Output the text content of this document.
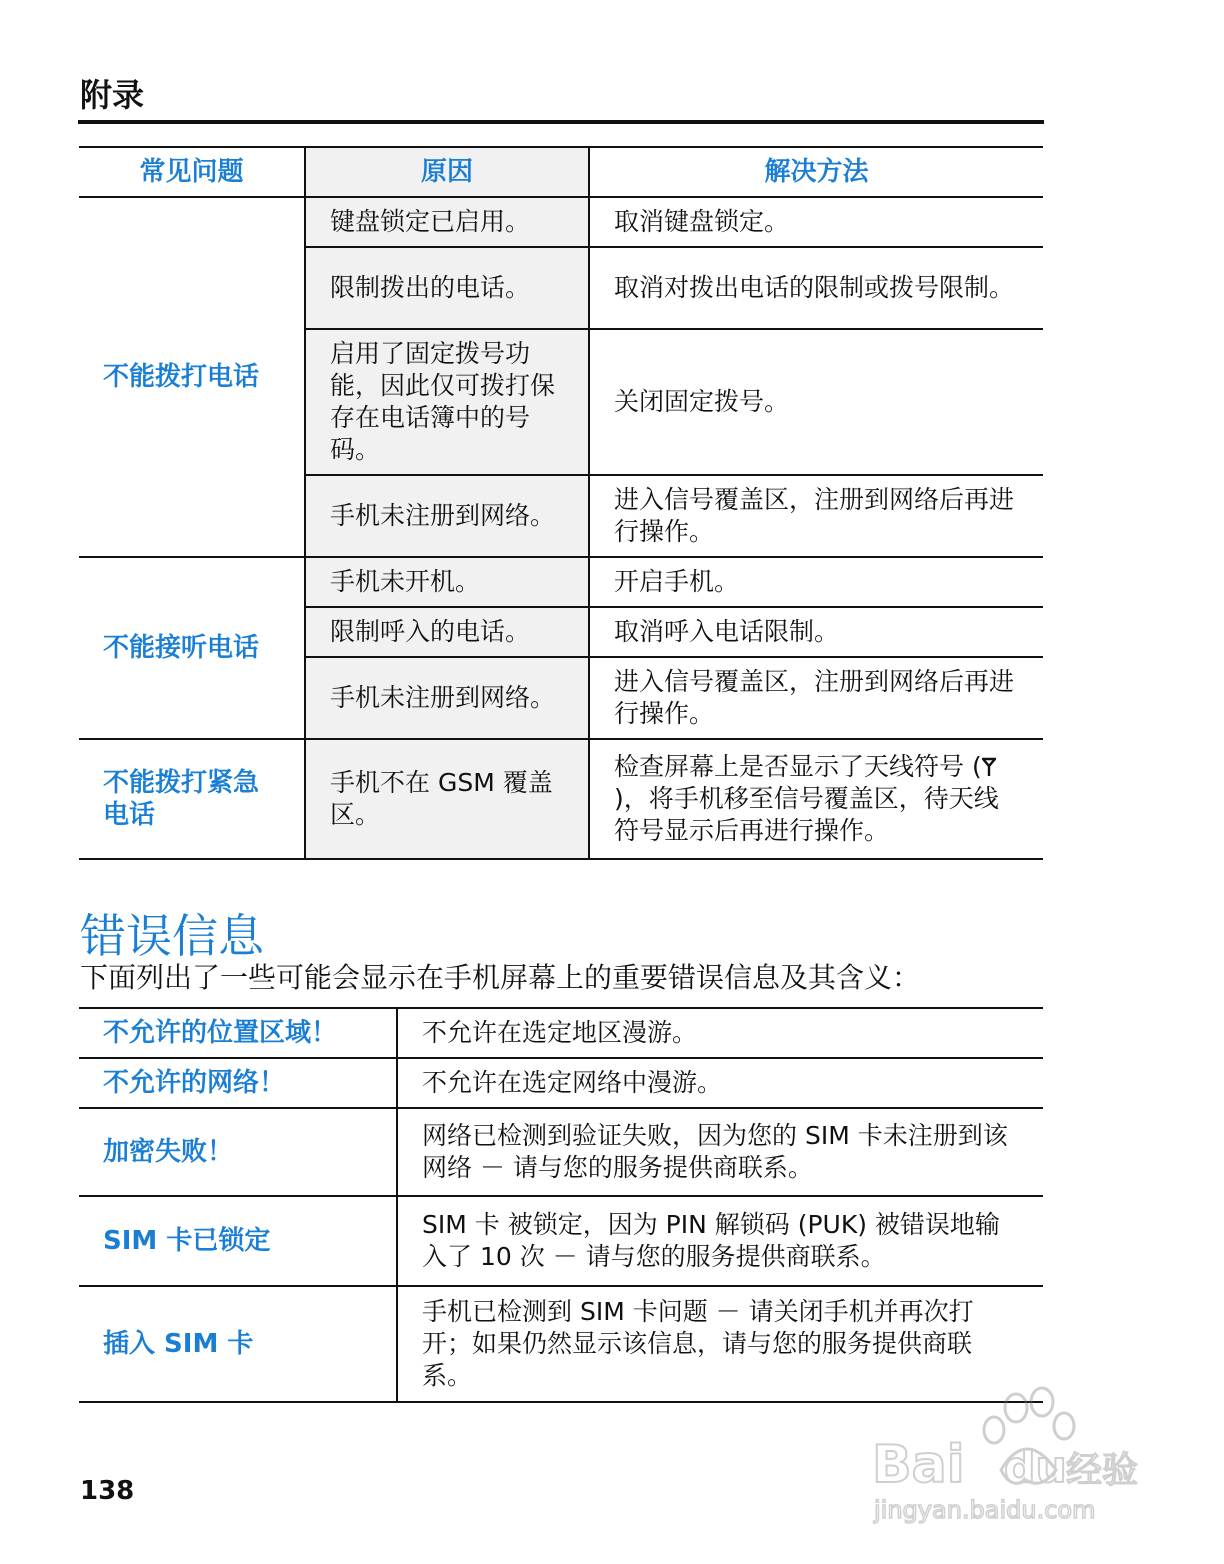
附录
常见问题	原因	解决方法
不能拨打电话	键盘锁定已启用。	取消键盘锁定。
	限制拨出的电话。	取消对拨出电话的限制或拨号限制。
	启用了固定拨号功能，因此仅可拨打保存在电话簿中的号码。	关闭固定拨号。
	手机未注册到网络。	进入信号覆盖区，注册到网络后再进行操作。
不能接听电话	手机未开机。	开启手机。
	限制呼入的电话。	取消呼入电话限制。
	手机未注册到网络。	进入信号覆盖区，注册到网络后再进行操作。
不能拨打紧急电话	手机不在 GSM 覆盖区。	检查屏幕上是否显示了天线符号 ()，将手机移至信号覆盖区，待天线符号显示后再进行操作。
错误信息
下面列出了一些可能会显示在手机屏幕上的重要错误信息及其含义：
不允许的位置区域！	不允许在选定地区漫游。
不允许的网络！	不允许在选定网络中漫游。
加密失败！	网络已检测到验证失败，因为您的 SIM 卡未注册到该网络 － 请与您的服务提供商联系。
SIM 卡已锁定	SIM 卡 被锁定，因为 PIN 解锁码 (PUK) 被错误地输入了 10 次 － 请与您的服务提供商联系。
插入 SIM 卡	手机已检测到 SIM 卡问题 － 请关闭手机并再次打开；如果仍然显示该信息，请与您的服务提供商联系。
138	Bai du 经验
jingyan.baidu.com
